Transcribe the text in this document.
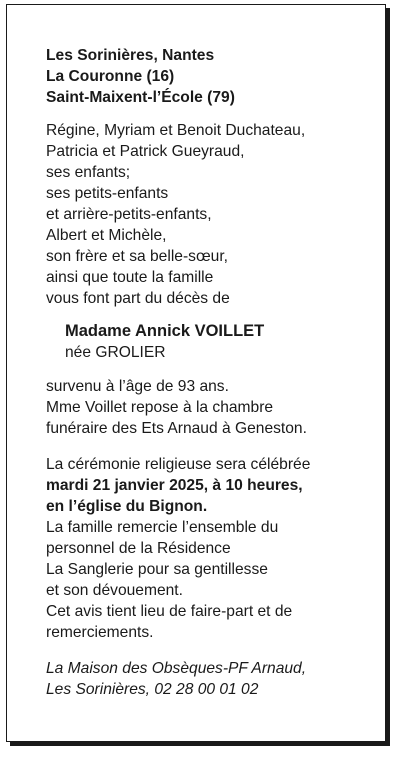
Les Sorinières, Nantes
La Couronne (16)
Saint-Maixent-l’École (79)
Régine, Myriam et Benoit Duchateau,
Patricia et Patrick Gueyraud,
ses enfants;
ses petits-enfants
et arrière-petits-enfants,
Albert et Michèle,
son frère et sa belle-sœur,
ainsi que toute la famille
vous font part du décès de
Madame Annick VOILLET
née GROLIER
survenu à l’âge de 93 ans.
Mme Voillet repose à la chambre
funéraire des Ets Arnaud à Geneston.
La cérémonie religieuse sera célébrée
mardi 21 janvier 2025, à 10 heures,
en l’église du Bignon.
La famille remercie l’ensemble du
personnel de la Résidence
La Sanglerie pour sa gentillesse
et son dévouement.
Cet avis tient lieu de faire-part et de
remerciements.
La Maison des Obsèques-PF Arnaud,
Les Sorinières, 02 28 00 01 02
